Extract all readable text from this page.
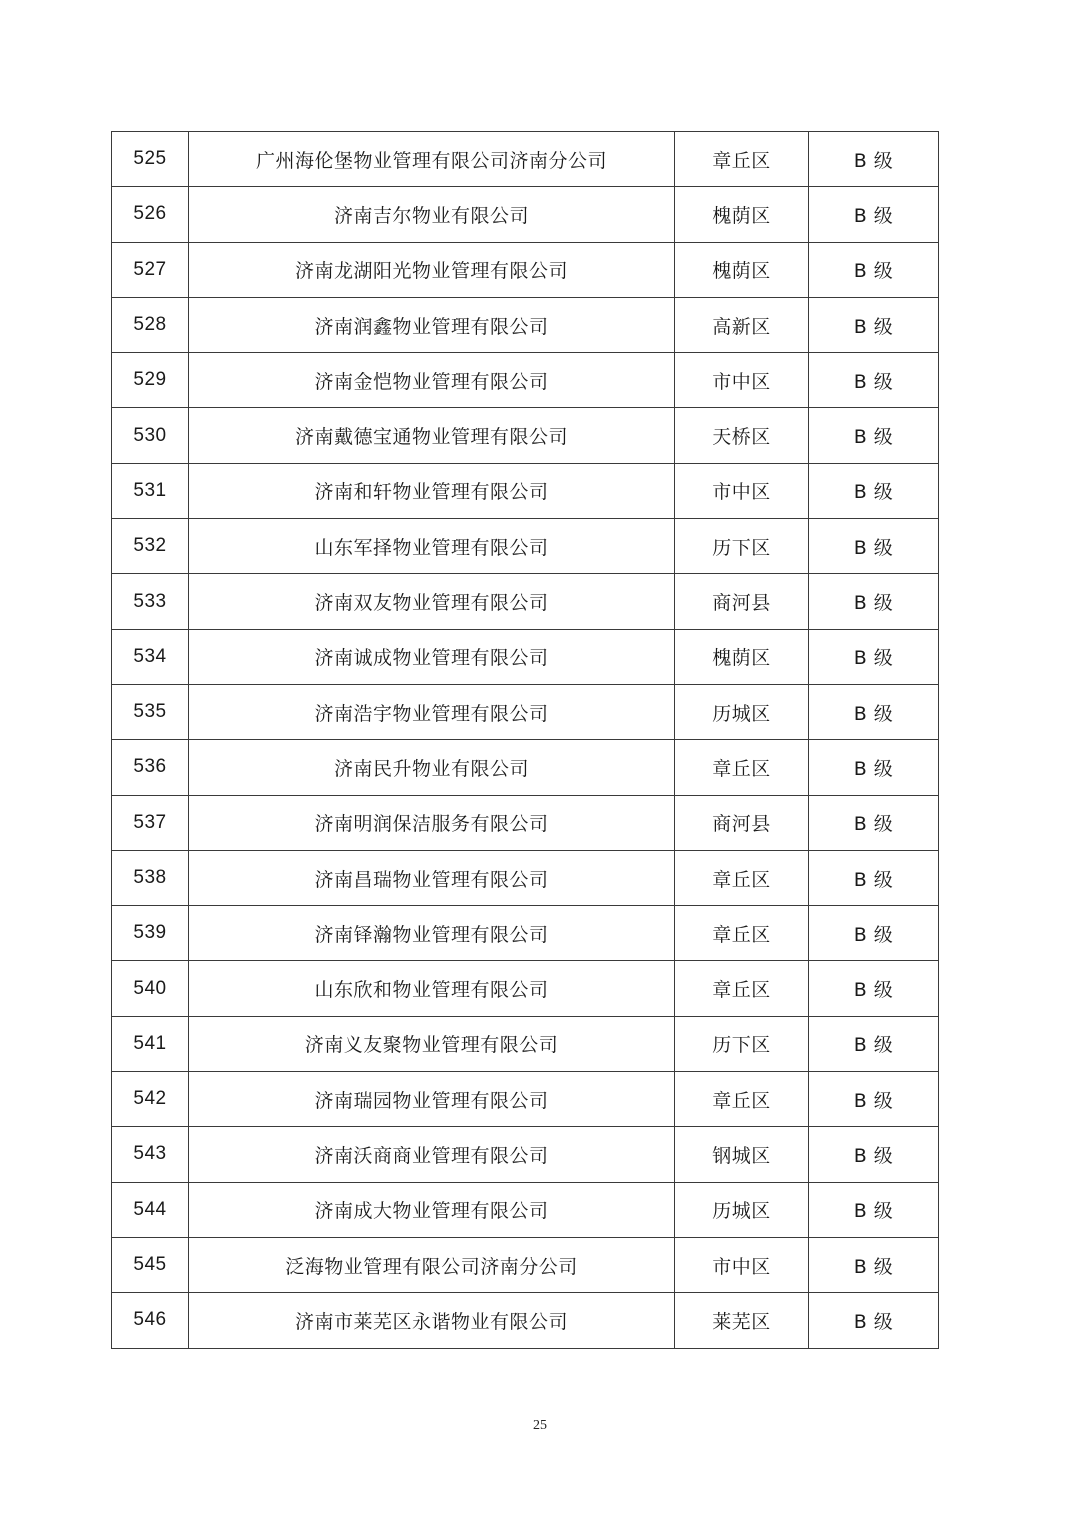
525	广州海伦堡物业管理有限公司济南分公司	章丘区	B 级
526	济南吉尔物业有限公司	槐荫区	B 级
527	济南龙湖阳光物业管理有限公司	槐荫区	B 级
528	济南润鑫物业管理有限公司	高新区	B 级
529	济南金恺物业管理有限公司	市中区	B 级
530	济南戴德宝通物业管理有限公司	天桥区	B 级
531	济南和轩物业管理有限公司	市中区	B 级
532	山东军择物业管理有限公司	历下区	B 级
533	济南双友物业管理有限公司	商河县	B 级
534	济南诚成物业管理有限公司	槐荫区	B 级
535	济南浩宇物业管理有限公司	历城区	B 级
536	济南民升物业有限公司	章丘区	B 级
537	济南明润保洁服务有限公司	商河县	B 级
538	济南昌瑞物业管理有限公司	章丘区	B 级
539	济南铎瀚物业管理有限公司	章丘区	B 级
540	山东欣和物业管理有限公司	章丘区	B 级
541	济南义友聚物业管理有限公司	历下区	B 级
542	济南瑞园物业管理有限公司	章丘区	B 级
543	济南沃商商业管理有限公司	钢城区	B 级
544	济南成大物业管理有限公司	历城区	B 级
545	泛海物业管理有限公司济南分公司	市中区	B 级
546	济南市莱芜区永谐物业有限公司	莱芜区	B 级
25
